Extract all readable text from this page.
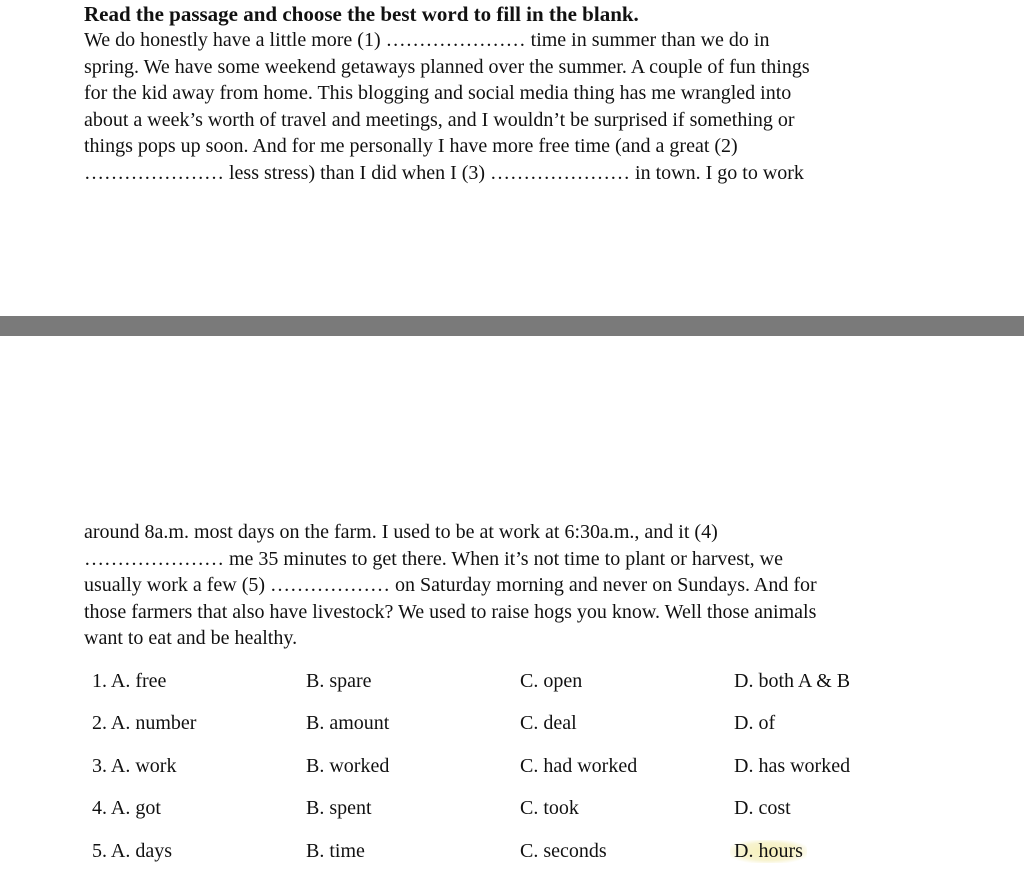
Read the passage and choose the best word to fill in the blank.
We do honestly have a little more (1) ………………… time in summer than we do in
spring. We have some weekend getaways planned over the summer. A couple of fun things
for the kid away from home. This blogging and social media thing has me wrangled into
about a week’s worth of travel and meetings, and I wouldn’t be surprised if something or
things pops up soon. And for me personally I have more free time (and a great (2)
………………… less stress) than I did when I (3) ………………… in town. I go to work
around 8a.m. most days on the farm. I used to be at work at 6:30a.m., and it (4)
………………… me 35 minutes to get there. When it’s not time to plant or harvest, we
usually work a few (5) ……………… on Saturday morning and never on Sundays. And for
those farmers that also have livestock? We used to raise hogs you know. Well those animals
want to eat and be healthy.
1. A. free	B. spare	C. open	D. both A & B
2. A. number	B. amount	C. deal	D. of
3. A. work	B. worked	C. had worked	D. has worked
4. A. got	B. spent	C. took	D. cost
5. A. days	B. time	C. seconds	D. hours
